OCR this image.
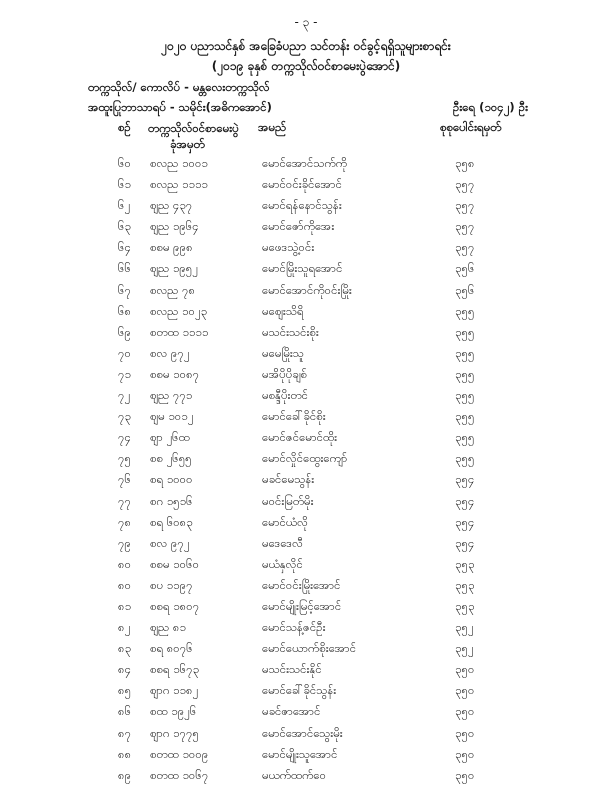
- ၃ -
၂၀၂၀ ပညာသင်နှစ် အခြေခံပညာ သင်တန်း ဝင်ခွင့်ရရှိသူများစာရင်း
(၂၀၁၉ ခုနှစ် တက္ကသိုလ်ဝင်စာမေးပွဲအောင်)
တက္ကသိုလ်/ ကောလိပ် - မန္တလေးတက္ကသိုလ်
အထူးပြုဘာသာရပ် - သမိုင်း(အဓိကအောင်)	ဦးရေ (၁၀၄၂) ဦး
စဉ် တက္ကသိုလ်ဝင်စာမေးပွဲ
ခုံအမှတ်
အမည်	စုစုပေါင်းရမှတ်
၆၀ စလည ၁၀၀၁	မောင်အောင်သက်ကို	၃၅၈
၆၁ စလည ၁၁၁၁	မောင်ဝင်းခိုင်အောင်	၃၅၇
၆၂ ဈည ၄၃၇	မောင်ရန်နောင်သွန်း	၃၅၇
၆၃ ဈည ၁၉၆၄	မောင်ဇော်ကိုအေး	၃၅၇
၆၄ စစမ ၉၉၈	မဖေဒသွဲ့ဝင်း	၃၅၇
၆၆ ဈည ၁၉၅၂	မောင်မြိုးသူရအောင်	၃၅၆
၆၇ စလည ၇၈	မောင်အောင်ကိုဝင်းမြိုး	၃၅၆
၆၈ စလည ၁၀၂၃	မဈေးသိရိ	၃၅၅
၆၉ စတထ ၁၁၁၁	မသင်းသင်းစိုး	၃၅၅
၇၀ စလ ၉၇၂	မမေမြိုးသူ	၃၅၅
၇၁ စစမ ၁၀၈၇	မအိပိုပိုချစ်	၃၅၅
၇၂ ဈည ၇၇၁	မစန္ဒီပိုးတင်	၃၅၅
၇၃ ဈမ ၁၀၁၂	မောင်ခေါ်ခိုင်စိုး	၃၅၅
၇၄ ဈာ ၂၆ထ	မောင်ဇင်မောင်ထိုး	၃၅၅
၇၅ စစ ၂၆၅၅	မောင်လှိုင်ထွေးကျော်	၃၅၅
၇၆ စရ ၁၀၀၀	မခင်မေသွန်း	၃၅၄
၇၇ စဂ ၁၅၁၆	မဝင်းမြတ်မိုး	၃၅၄
၇၈ စရ ၆၀၈၃	မောင်ယံလို	၃၅၄
၇၉ စလ ၉၇၂	မဒေဒေလီ	၃၅၄
၈၀ စစမ ၁၀၆၀	မယံနှလိုင်	၃၅၃
၈၀ စပ ၁၁၉၇	မောင်ဝင်းမြိုးအောင်	၃၅၃
၈၁ စစရ ၁၈၀၇	မောင်မျိုးမြင့်အောင်	၃၅၃
၈၂ ဈည ၈၁	မောင်သန့်ဇင်ဦး	၃၅၂
၈၃ စရ ၈၀၇၆	မောင်ယောက်စိုးအောင်	၃၅၂
၈၄ စစရ ၁၆၇၃	မသင်းသင်းနိုင်	၃၅၀
၈၅ ဈာဂ ၁၁၈၂	မောင်ခေါ်ခိုင်သွန်း	၃၅၀
၈၆ စထ ၁၉၂၆	မခင်ဇာအောင်	၃၅၀
၈၇ ဈာဂ ၁၇၇၅	မောင်အောင်သွေးမိုး	၃၅၀
၈၈ စတထ ၁၀၀၉	မောင်မျိုးသူအောင်	၃၅၀
၈၉ စတထ ၁၀၆၇	မယက်ထက်ဝေ	၃၅၀
